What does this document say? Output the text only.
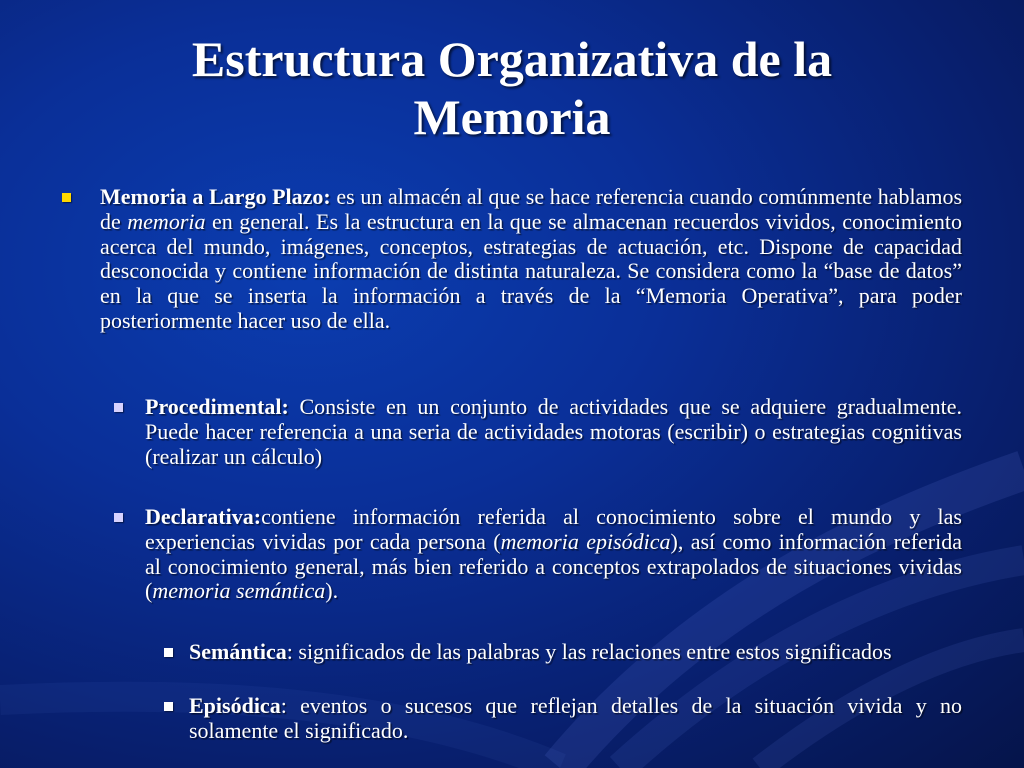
Estructura Organizativa de la Memoria
Memoria a Largo Plazo: es un almacén al que se hace referencia cuando comúnmente hablamos de memoria en general. Es la estructura en la que se almacenan recuerdos vividos, conocimiento acerca del mundo, imágenes, conceptos, estrategias de actuación, etc. Dispone de capacidad desconocida y contiene información de distinta naturaleza. Se considera como la “base de datos” en la que se inserta la información a través de la “Memoria Operativa”, para poder posteriormente hacer uso de ella.
Procedimental: Consiste en un conjunto de actividades que se adquiere gradualmente. Puede hacer referencia a una seria de actividades motoras (escribir) o estrategias cognitivas (realizar un cálculo)
Declarativa:contiene información referida al conocimiento sobre el mundo y las experiencias vividas por cada persona (memoria episódica), así como información referida al conocimiento general, más bien referido a conceptos extrapolados de situaciones vividas (memoria semántica).
Semántica: significados de las palabras y las relaciones entre estos significados
Episódica: eventos o sucesos que reflejan detalles de la situación vivida y no solamente el significado.
